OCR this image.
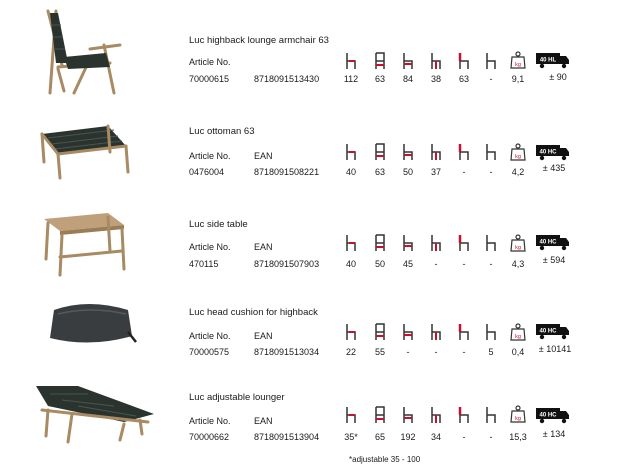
Luc highback lounge armchair 63
Article No.
70000615	8718091513430
kg
40 HL
112	63	84	38	63	-	9,1	± 90
Luc ottoman 63
Article No.	EAN
0476004	8718091508221
kg
40 HC
40	63	50	37	-	-	4,2	± 435
Luc side table
Article No.	EAN
470115	8718091507903
kg
40 HC
40	50	45	-	-	-	4,3	± 594
Luc head cushion for highback
Article No.	EAN
70000575	8718091513034
kg
40 HC
22	55	-	-	-	5	0,4	± 10141
Luc adjustable lounger
Article No.	EAN
70000662	8718091513904
kg
40 HC
35*	65	192	34	-	-	15,3	± 134
*adjustable 35 - 100
